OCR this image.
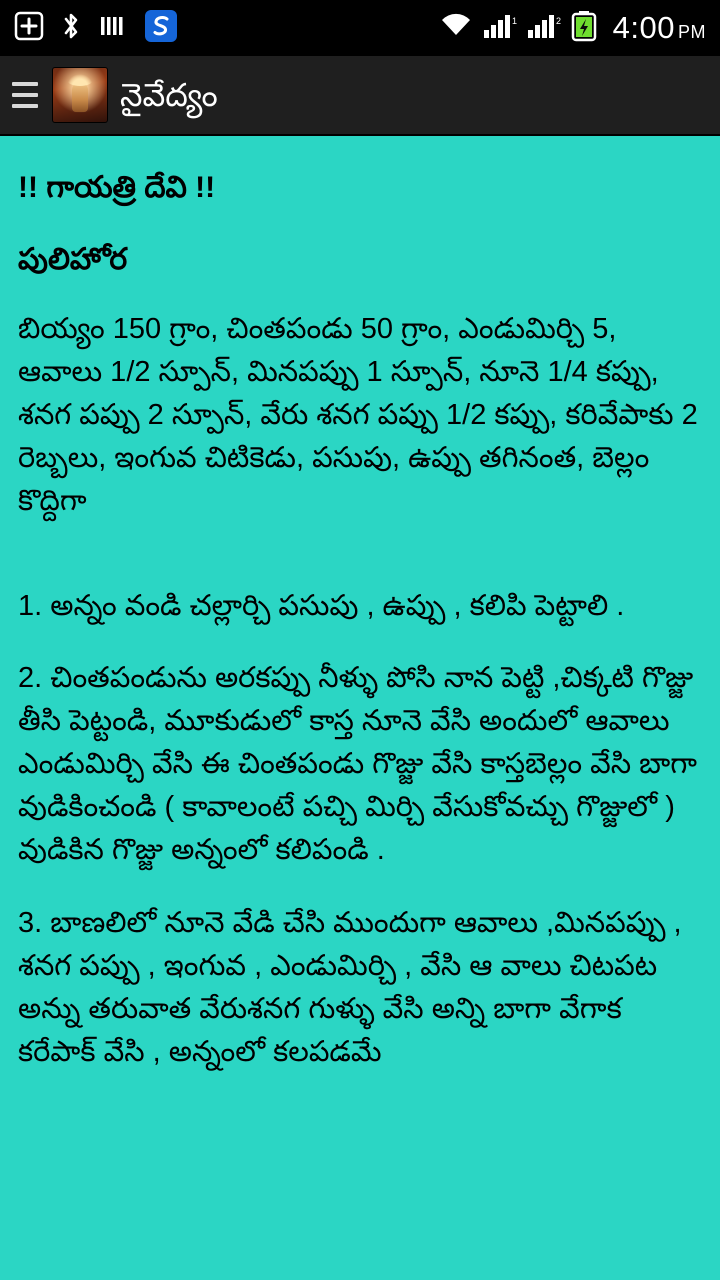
1	2 4:00 PM
నైవేద్యం
!! గాయత్రి దేవి !!
పులిహోర
బియ్యం 150 గ్రాం, చింతపండు 50 గ్రాం, ఎండుమిర్చి 5, ఆవాలు 1/2 స్పూన్, మినపప్పు 1 స్పూన్, నూనె 1/4 కప్పు, శనగ పప్పు 2 స్పూన్, వేరు శనగ పప్పు 1/2 కప్పు, కరివేపాకు 2 రెబ్బలు, ఇంగువ చిటికెడు, పసుపు, ఉప్పు తగినంత, బెల్లం కొద్దిగా
1. అన్నం వండి చల్లార్చి పసుపు , ఉప్పు , కలిపి పెట్టాలి .
2. చింతపండును అరకప్పు నీళ్ళు పోసి నాన పెట్టి ,చిక్కటి గొజ్జు తీసి పెట్టండి, మూకుడులో కాస్త నూనె వేసి అందులో ఆవాలు ఎండుమిర్చి వేసి ఈ చింతపండు గొజ్జు వేసి కాస్తబెల్లం వేసి బాగా వుడికించండి ( కావాలంటే పచ్చి మిర్చి వేసుకోవచ్చు గొజ్జులో ) వుడికిన గొజ్జు అన్నంలో కలిపండి .
3. బాణలిలో నూనె వేడి చేసి ముందుగా ఆవాలు ,మినపప్పు , శనగ పప్పు , ఇంగువ , ఎండుమిర్చి , వేసి ఆ వాలు చిటపట అన్ను తరువాత వేరుశనగ గుళ్ళు వేసి అన్ని బాగా వేగాక కరేపాక్ వేసి , అన్నంలో కలపడమే
